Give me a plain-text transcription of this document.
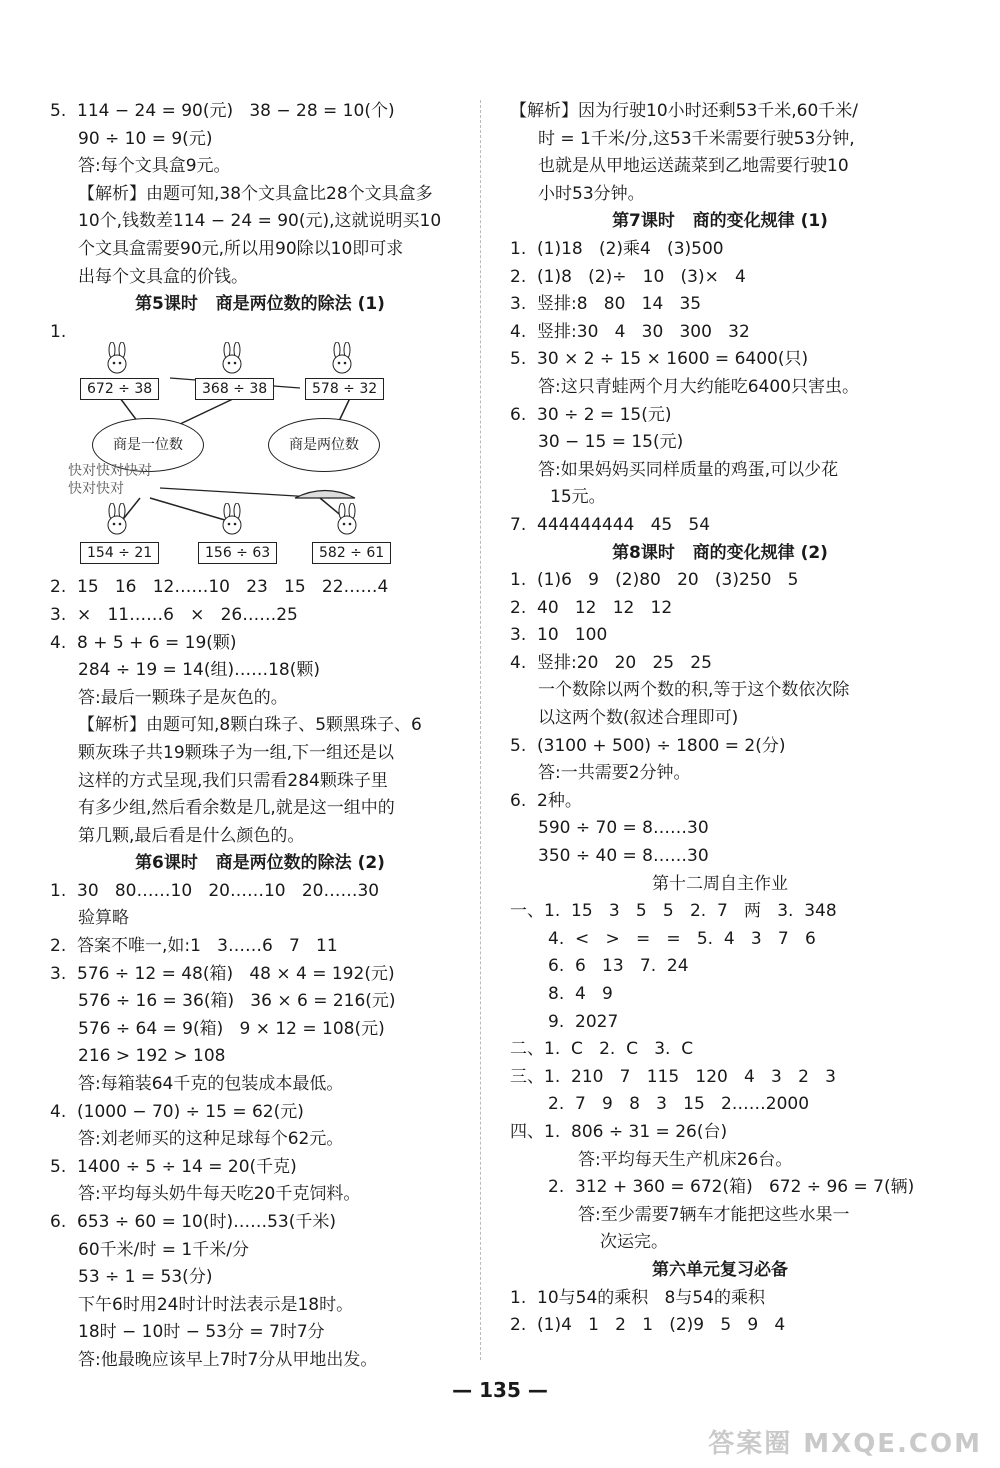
5.  114 − 24 = 90(元)   38 − 28 = 10(个)
90 ÷ 10 = 9(元)
答:每个文具盒9元。
【解析】由题可知,38个文具盒比28个文具盒多
10个,钱数差114 − 24 = 90(元),这就说明买10
个文具盒需要90元,所以用90除以10即可求
出每个文具盒的价钱。
第5课时   商是两位数的除法 (1)
1.
672 ÷ 38	368 ÷ 38	578 ÷ 32
商是一位数	商是两位数
快对快对快对
快对快对
154 ÷ 21	156 ÷ 63	582 ÷ 61
2.  15   16   12……10   23   15   22……4
3.  ×   11……6   ×   26……25
4.  8 + 5 + 6 = 19(颗)
284 ÷ 19 = 14(组)……18(颗)
答:最后一颗珠子是灰色的。
【解析】由题可知,8颗白珠子、5颗黑珠子、6
颗灰珠子共19颗珠子为一组,下一组还是以
这样的方式呈现,我们只需看284颗珠子里
有多少组,然后看余数是几,就是这一组中的
第几颗,最后看是什么颜色的。
第6课时   商是两位数的除法 (2)
1.  30   80……10   20……10   20……30
验算略
2.  答案不唯一,如:1   3……6   7   11
3.  576 ÷ 12 = 48(箱)   48 × 4 = 192(元)
576 ÷ 16 = 36(箱)   36 × 6 = 216(元)
576 ÷ 64 = 9(箱)   9 × 12 = 108(元)
216 > 192 > 108
答:每箱装64千克的包装成本最低。
4.  (1000 − 70) ÷ 15 = 62(元)
答:刘老师买的这种足球每个62元。
5.  1400 ÷ 5 ÷ 14 = 20(千克)
答:平均每头奶牛每天吃20千克饲料。
6.  653 ÷ 60 = 10(时)……53(千米)
60千米/时 = 1千米/分
53 ÷ 1 = 53(分)
下午6时用24时计时法表示是18时。
18时 − 10时 − 53分 = 7时7分
答:他最晚应该早上7时7分从甲地出发。
【解析】因为行驶10小时还剩53千米,60千米/
时 = 1千米/分,这53千米需要行驶53分钟,
也就是从甲地运送蔬菜到乙地需要行驶10
小时53分钟。
第7课时   商的变化规律 (1)
1.  (1)18   (2)乘4   (3)500
2.  (1)8   (2)÷   10   (3)×   4
3.  竖排:8   80   14   35
4.  竖排:30   4   30   300   32
5.  30 × 2 ÷ 15 × 1600 = 6400(只)
答:这只青蛙两个月大约能吃6400只害虫。
6.  30 ÷ 2 = 15(元)
30 − 15 = 15(元)
答:如果妈妈买同样质量的鸡蛋,可以少花
15元。
7.  444444444   45   54
第8课时   商的变化规律 (2)
1.  (1)6   9   (2)80   20   (3)250   5
2.  40   12   12   12
3.  10   100
4.  竖排:20   20   25   25
一个数除以两个数的积,等于这个数依次除
以这两个数(叙述合理即可)
5.  (3100 + 500) ÷ 1800 = 2(分)
答:一共需要2分钟。
6.  2种。
590 ÷ 70 = 8……30
350 ÷ 40 = 8……30
第十二周自主作业
一、1.  15   3   5   5   2.  7   两   3.  348
4.  <   >   =   =   5.  4   3   7   6
6.  6   13   7.  24
8.  4   9
9.  2027
二、1.  C   2.  C   3.  C
三、1.  210   7   115   120   4   3   2   3
2.  7   9   8   3   15   2……2000
四、1.  806 ÷ 31 = 26(台)
答:平均每天生产机床26台。
2.  312 + 360 = 672(箱)   672 ÷ 96 = 7(辆)
答:至少需要7辆车才能把这些水果一
次运完。
第六单元复习必备
1.  10与54的乘积   8与54的乘积
2.  (1)4   1   2   1   (2)9   5   9   4
— 135 —
答案圈 MXQE.COM
